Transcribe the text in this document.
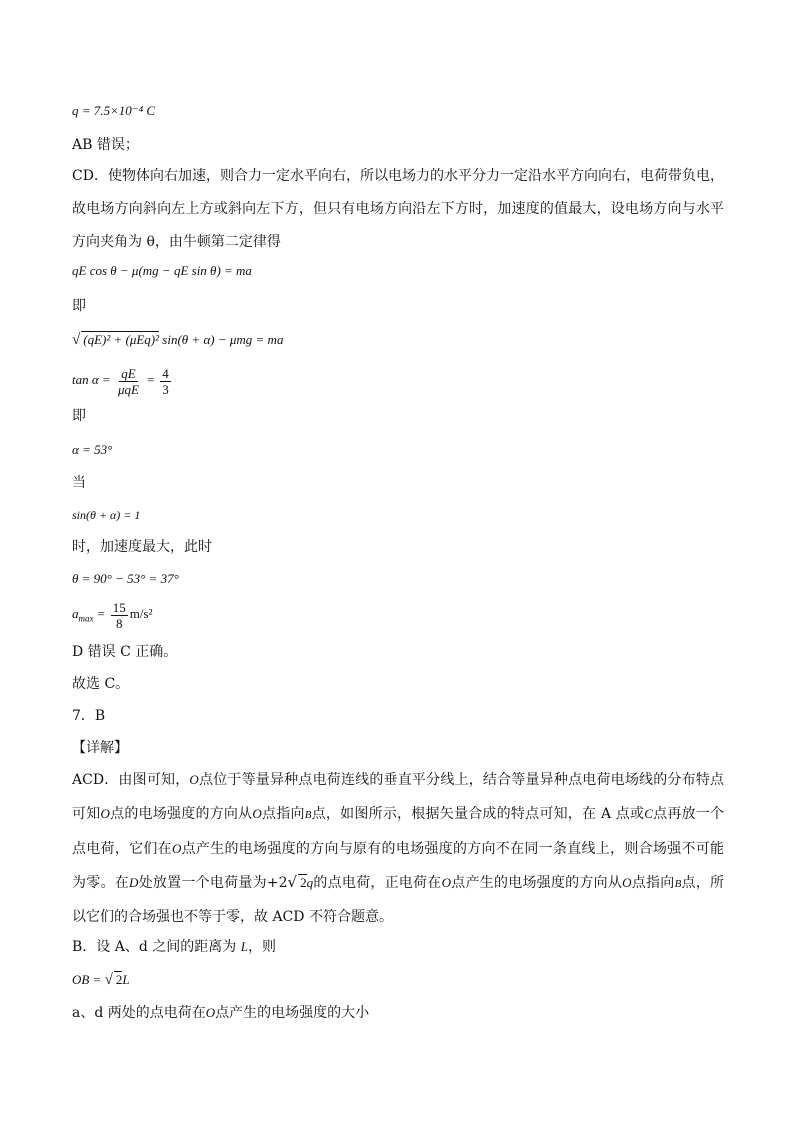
q = 7.5×10⁻⁴ C
AB 错误；
CD．使物体向右加速，则合力一定水平向右，所以电场力的水平分力一定沿水平方向向右，电荷带负电，故电场方向斜向左上方或斜向左下方，但只有电场方向沿左下方时，加速度的值最大，设电场方向与水平方向夹角为 θ，由牛顿第二定律得
qE cos θ − μ(mg − qE sin θ) = ma
即
√ (qE)² + (μEq)² sin(θ + α) − μmg = ma
$\tan \alpha = \frac{qE}{\text{μqE}} = \frac{4}{3}$
即
α = 53°
当
sin(θ + α) = 1
时，加速度最大，此时
θ = 90° − 53° = 37°
$a_{max} = \frac{15}{8} m/s^2$
D 错误 C 正确。
故选 C。
7．B
【详解】
ACD．由图可知，O点位于等量异种点电荷连线的垂直平分线上，结合等量异种点电荷电场线的分布特点可知O点的电场强度的方向从O点指向B点，如图所示，根据矢量合成的特点可知，在 A 点或C点再放一个点电荷，它们在O点产生的电场强度的方向与原有的电场强度的方向不在同一条直线上，则合场强不可能为零。在D处放置一个电荷量为+2√ 2q的点电荷，正电荷在O点产生的电场强度的方向从O点指向B点，所以它们的合场强也不等于零，故 ACD 不符合题意。
B．设 A、d 之间的距离为 L，则
OB = √ 2L
a、d 两处的点电荷在O点产生的电场强度的大小
